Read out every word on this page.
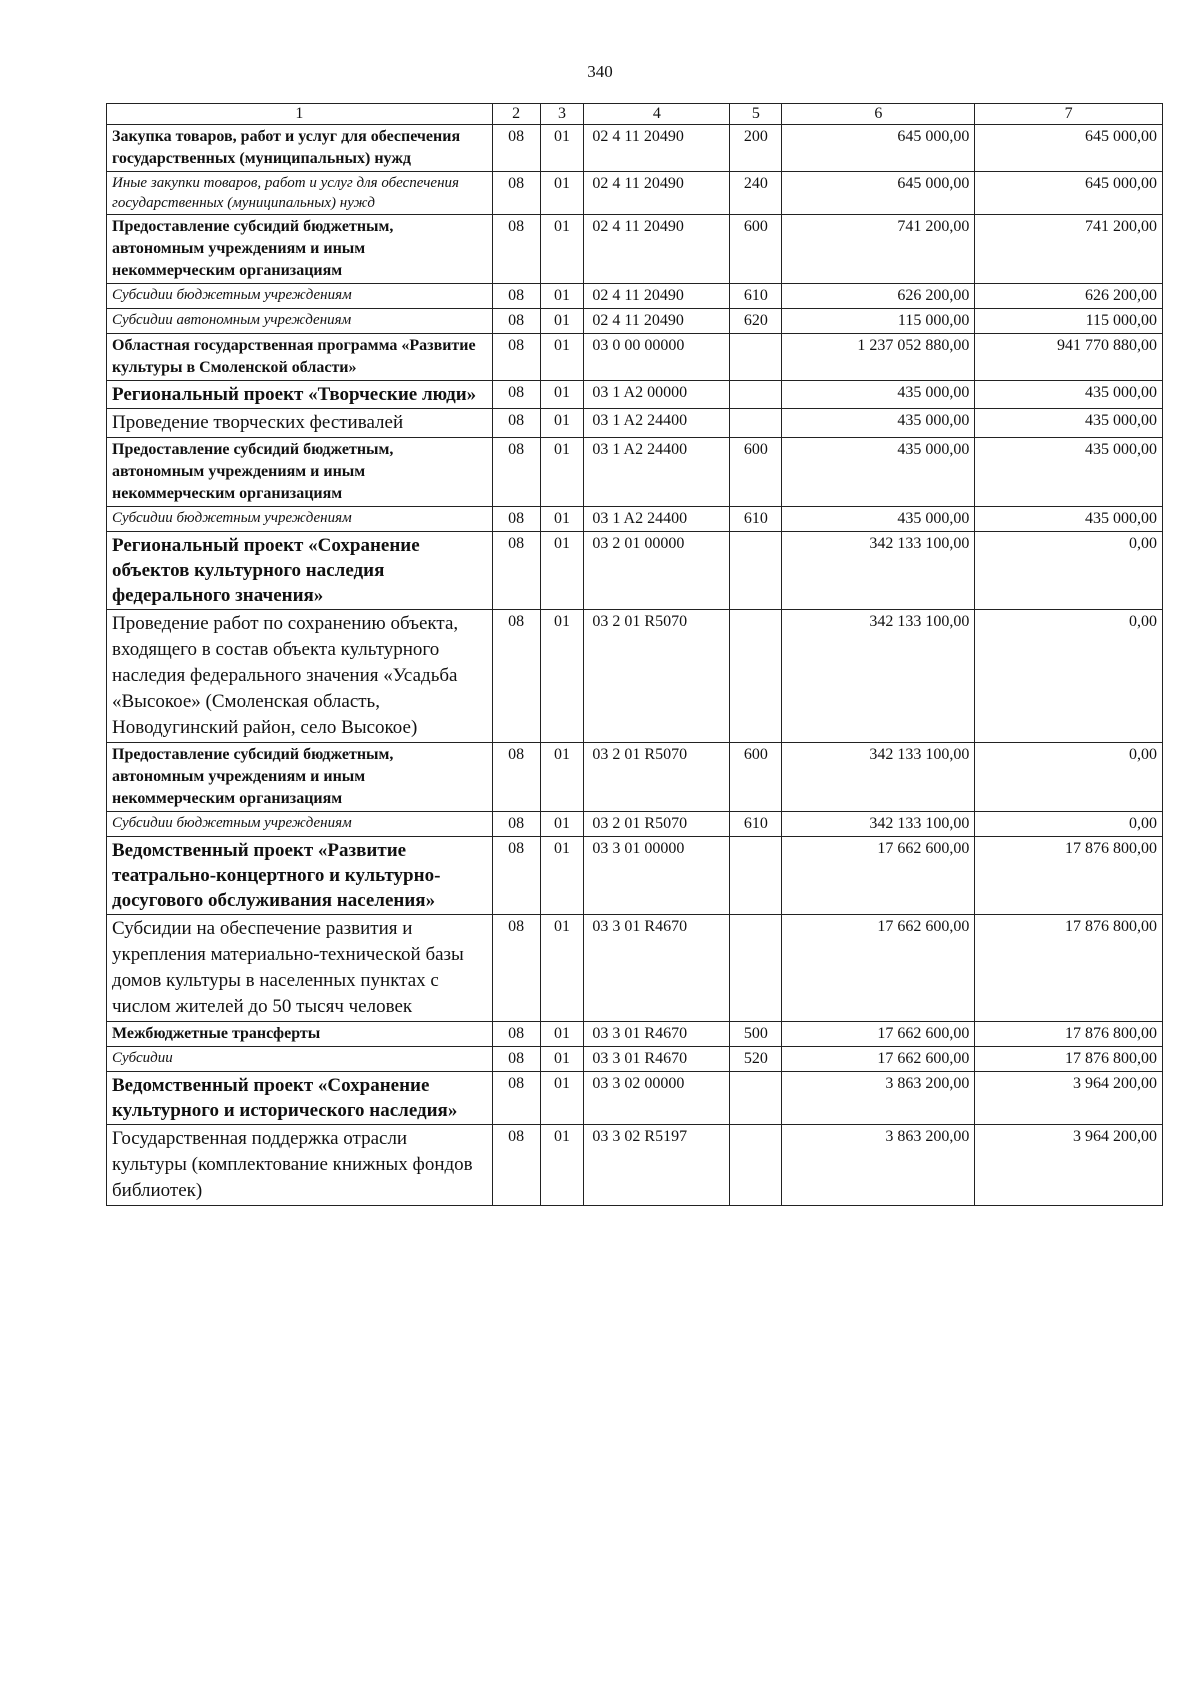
340
1	2	3	4	5	6	7
Закупка товаров, работ и услуг для обеспечения государственных (муниципальных) нужд	08	01	02 4 11 20490	200	645 000,00	645 000,00
Иные закупки товаров, работ и услуг для обеспечения государственных (муниципальных) нужд	08	01	02 4 11 20490	240	645 000,00	645 000,00
Предоставление субсидий бюджетным, автономным учреждениям и иным некоммерческим организациям	08	01	02 4 11 20490	600	741 200,00	741 200,00
Субсидии бюджетным учреждениям	08	01	02 4 11 20490	610	626 200,00	626 200,00
Субсидии автономным учреждениям	08	01	02 4 11 20490	620	115 000,00	115 000,00
Областная государственная программа «Развитие культуры в Смоленской области»	08	01	03 0 00 00000		1 237 052 880,00	941 770 880,00
Региональный проект «Творческие люди»	08	01	03 1 A2 00000		435 000,00	435 000,00
Проведение творческих фестивалей	08	01	03 1 A2 24400		435 000,00	435 000,00
Предоставление субсидий бюджетным, автономным учреждениям и иным некоммерческим организациям	08	01	03 1 A2 24400	600	435 000,00	435 000,00
Субсидии бюджетным учреждениям	08	01	03 1 A2 24400	610	435 000,00	435 000,00
Региональный проект «Сохранение объектов культурного наследия федерального значения»	08	01	03 2 01 00000		342 133 100,00	0,00
Проведение работ по сохранению объекта, входящего в состав объекта культурного наследия федерального значения «Усадьба «Высокое» (Смоленская область, Новодугинский район, село Высокое)	08	01	03 2 01 R5070		342 133 100,00	0,00
Предоставление субсидий бюджетным, автономным учреждениям и иным некоммерческим организациям	08	01	03 2 01 R5070	600	342 133 100,00	0,00
Субсидии бюджетным учреждениям	08	01	03 2 01 R5070	610	342 133 100,00	0,00
Ведомственный проект «Развитие театрально-концертного и культурно-досугового обслуживания населения»	08	01	03 3 01 00000		17 662 600,00	17 876 800,00
Субсидии на обеспечение развития и укрепления материально-технической базы домов культуры в населенных пунктах с числом жителей до 50 тысяч человек	08	01	03 3 01 R4670		17 662 600,00	17 876 800,00
Межбюджетные трансферты	08	01	03 3 01 R4670	500	17 662 600,00	17 876 800,00
Субсидии	08	01	03 3 01 R4670	520	17 662 600,00	17 876 800,00
Ведомственный проект «Сохранение культурного и исторического наследия»	08	01	03 3 02 00000		3 863 200,00	3 964 200,00
Государственная поддержка отрасли культуры (комплектование книжных фондов библиотек)	08	01	03 3 02 R5197		3 863 200,00	3 964 200,00
